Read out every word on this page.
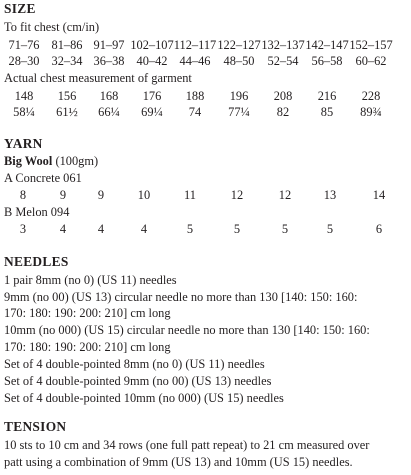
SIZE
To fit chest (cm/in)
71–76 81–86 91–97 102–107 112–117 122–127 132–137 142–147 152–157
28–30 32–34 36–38 40–42 44–46 48–50 52–54 56–58 60–62
Actual chest measurement of garment
148 156 168 176 188 196 208 216 228
58¼ 61½ 66¼ 69¼ 74 77¼ 82	85 89¾
YARN
Big Wool (100gm)
A Concrete 061
8	9	9	10	11	12	12	13	14
B Melon 094
3	4	4	4	5	5	5	5	6
NEEDLES
1 pair 8mm (no 0) (US 11) needles
9mm (no 00) (US 13) circular needle no more than 130 [140: 150: 160:
170: 180: 190: 200: 210] cm long
10mm (no 000) (US 15) circular needle no more than 130 [140: 150: 160:
170: 180: 190: 200: 210] cm long
Set of 4 double-pointed 8mm (no 0) (US 11) needles
Set of 4 double-pointed 9mm (no 00) (US 13) needles
Set of 4 double-pointed 10mm (no 000) (US 15) needles
TENSION
10 sts to 10 cm and 34 rows (one full patt repeat) to 21 cm measured over
patt using a combination of 9mm (US 13) and 10mm (US 15) needles.
